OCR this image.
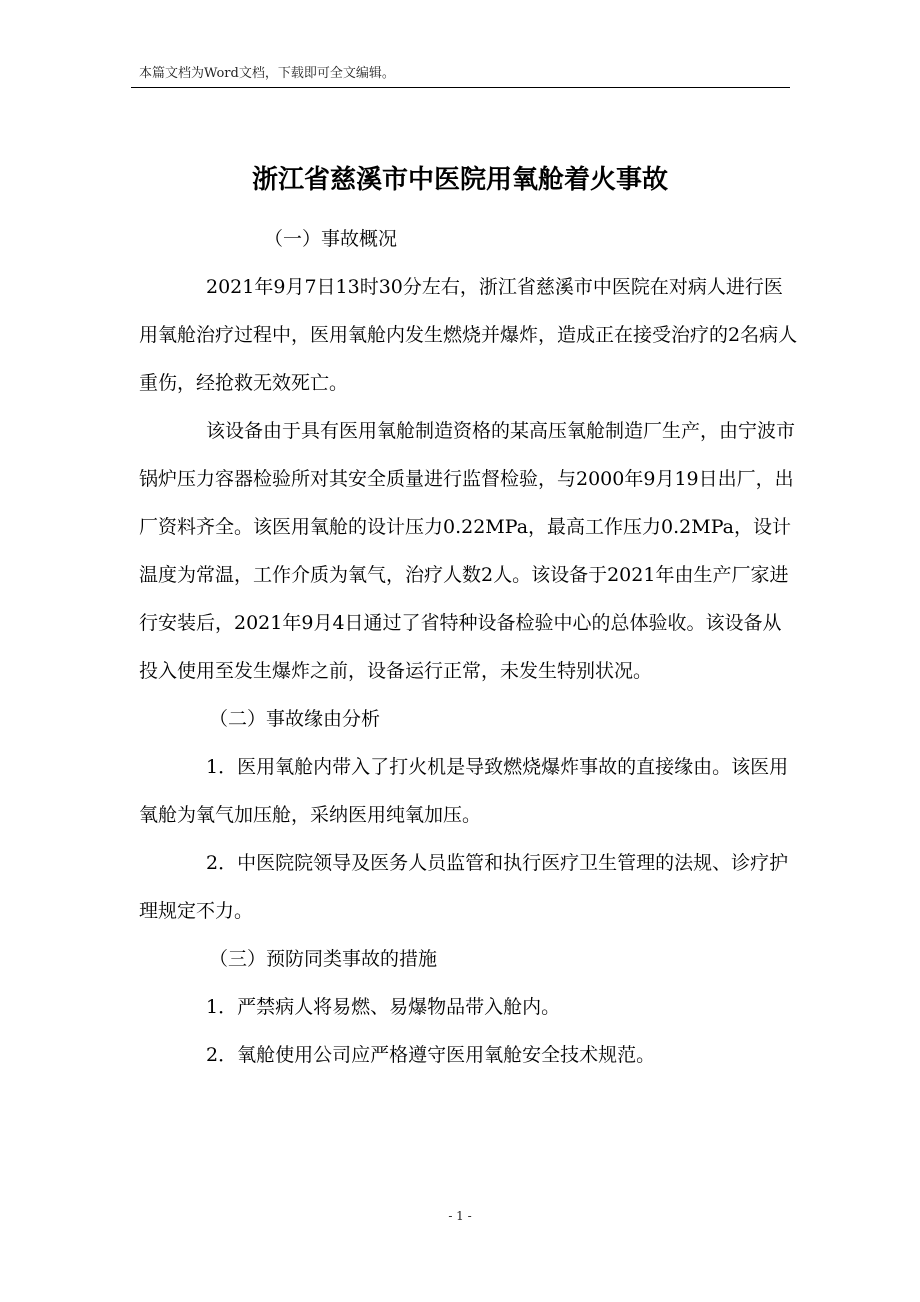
本篇文档为Word文档，下载即可全文编辑。
浙江省慈溪市中医院用氧舱着火事故

（一）事故概况

2021年9月7日13时30分左右，浙江省慈溪市中医院在对病人进行医用氧舱治疗过程中，医用氧舱内发生燃烧并爆炸，造成正在接受治疗的2名病人重伤，经抢救无效死亡。

该设备由于具有医用氧舱制造资格的某高压氧舱制造厂生产，由宁波市锅炉压力容器检验所对其安全质量进行监督检验，与2000年9月19日出厂，出厂资料齐全。该医用氧舱的设计压力0.22MPa，最高工作压力0.2MPa，设计温度为常温，工作介质为氧气，治疗人数2人。该设备于2021年由生产厂家进行安装后，2021年9月4日通过了省特种设备检验中心的总体验收。该设备从投入使用至发生爆炸之前，设备运行正常，未发生特别状况。

（二）事故缘由分析

1．医用氧舱内带入了打火机是导致燃烧爆炸事故的直接缘由。该医用氧舱为氧气加压舱，采纳医用纯氧加压。

2．中医院院领导及医务人员监管和执行医疗卫生管理的法规、诊疗护理规定不力。

（三）预防同类事故的措施

1．严禁病人将易燃、易爆物品带入舱内。

2．氧舱使用公司应严格遵守医用氧舱安全技术规范。

- 1 -
